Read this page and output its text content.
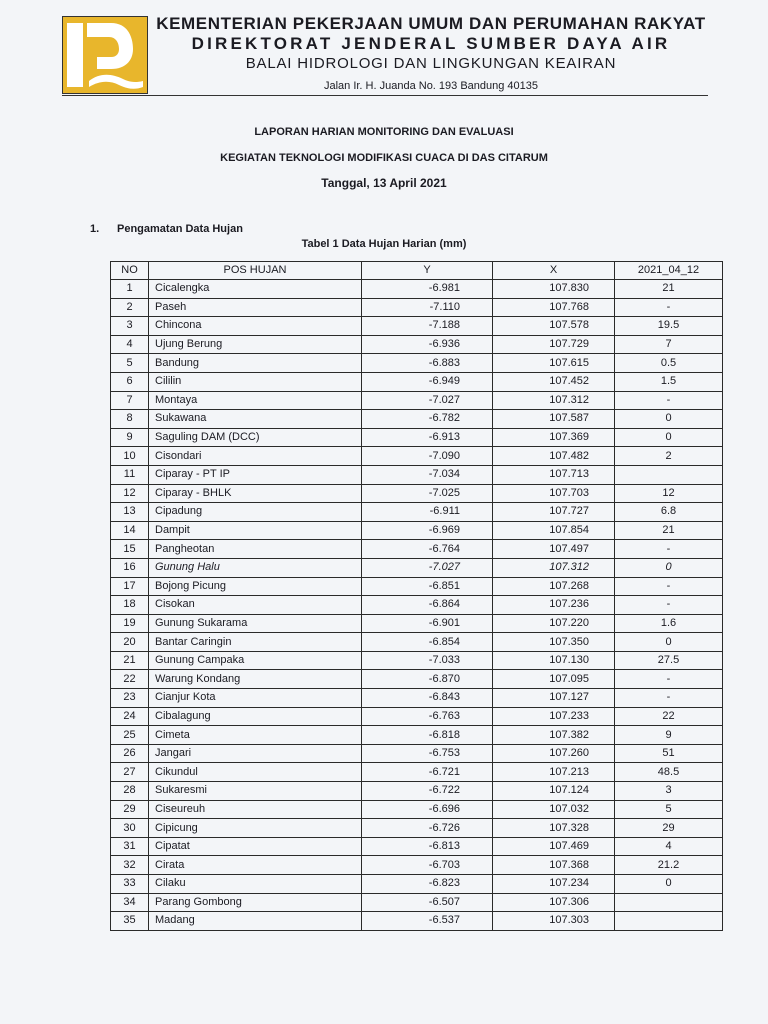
KEMENTERIAN PEKERJAAN UMUM DAN PERUMAHAN RAKYAT
DIREKTORAT JENDERAL SUMBER DAYA AIR
BALAI HIDROLOGI DAN LINGKUNGAN KEAIRAN
Jalan Ir. H. Juanda No. 193 Bandung 40135
LAPORAN HARIAN MONITORING DAN EVALUASI
KEGIATAN TEKNOLOGI MODIFIKASI CUACA DI DAS CITARUM
Tanggal, 13 April 2021
1. Pengamatan Data Hujan
Tabel 1 Data Hujan Harian (mm)
NO	POS HUJAN	Y	X	2021_04_12
1	Cicalengka	-6.981	107.830	21
2	Paseh	-7.110	107.768	-
3	Chincona	-7.188	107.578	19.5
4	Ujung Berung	-6.936	107.729	7
5	Bandung	-6.883	107.615	0.5
6	Cililin	-6.949	107.452	1.5
7	Montaya	-7.027	107.312	-
8	Sukawana	-6.782	107.587	0
9	Saguling DAM (DCC)	-6.913	107.369	0
10	Cisondari	-7.090	107.482	2
11	Ciparay - PT IP	-7.034	107.713	
12	Ciparay - BHLK	-7.025	107.703	12
13	Cipadung	-6.911	107.727	6.8
14	Dampit	-6.969	107.854	21
15	Pangheotan	-6.764	107.497	-
16	Gunung Halu	-7.027	107.312	0
17	Bojong Picung	-6.851	107.268	-
18	Cisokan	-6.864	107.236	-
19	Gunung Sukarama	-6.901	107.220	1.6
20	Bantar Caringin	-6.854	107.350	0
21	Gunung Campaka	-7.033	107.130	27.5
22	Warung Kondang	-6.870	107.095	-
23	Cianjur Kota	-6.843	107.127	-
24	Cibalagung	-6.763	107.233	22
25	Cimeta	-6.818	107.382	9
26	Jangari	-6.753	107.260	51
27	Cikundul	-6.721	107.213	48.5
28	Sukaresmi	-6.722	107.124	3
29	Ciseureuh	-6.696	107.032	5
30	Cipicung	-6.726	107.328	29
31	Cipatat	-6.813	107.469	4
32	Cirata	-6.703	107.368	21.2
33	Cilaku	-6.823	107.234	0
34	Parang Gombong	-6.507	107.306	
35	Madang	-6.537	107.303	
